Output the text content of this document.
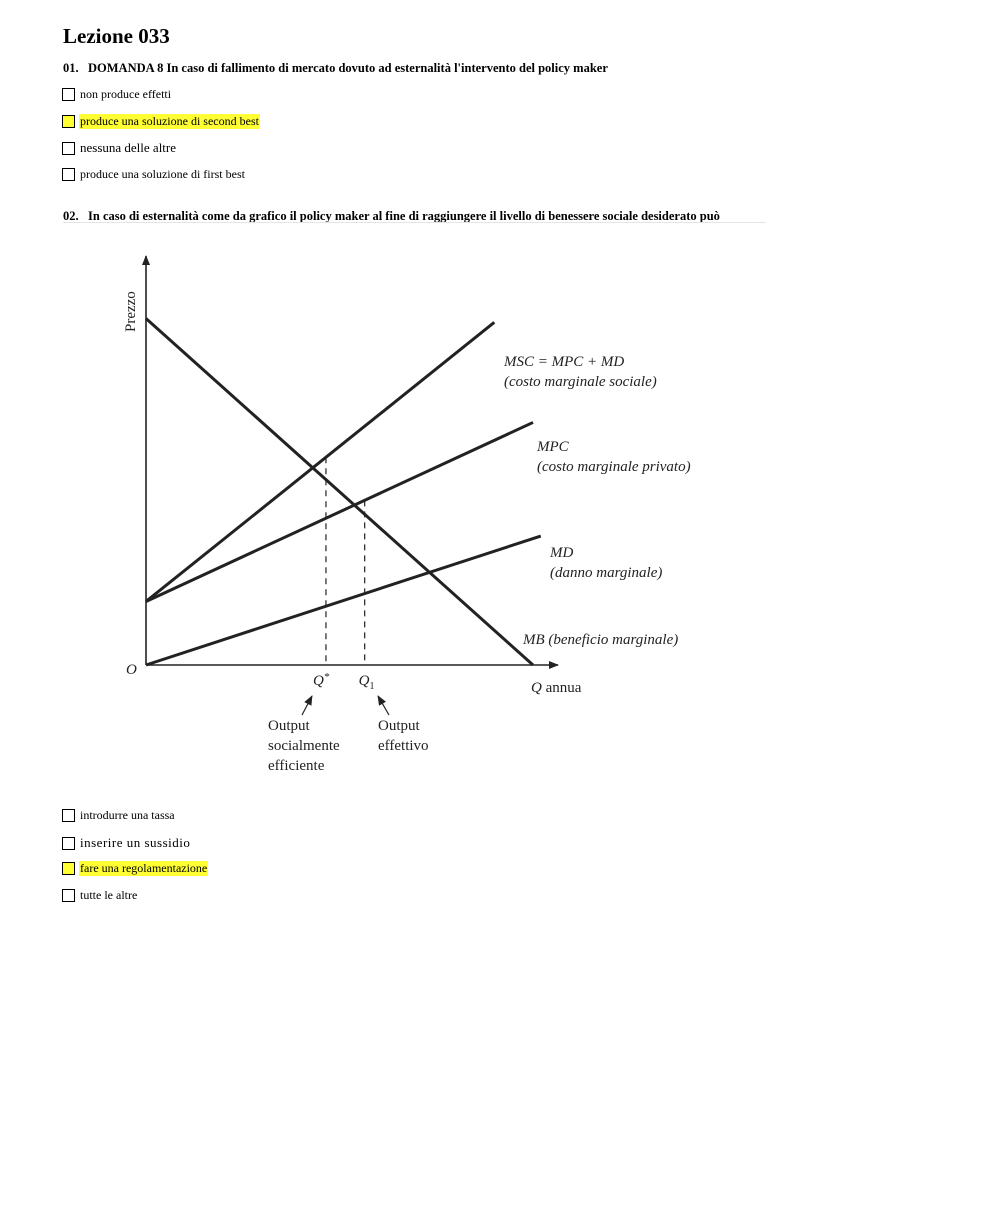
Lezione 033
01. DOMANDA 8 In caso di fallimento di mercato dovuto ad esternalità l'intervento del policy maker
non produce effetti
produce una soluzione di second best
nessuna delle altre
produce una soluzione di first best
02. In caso di esternalità come da grafico il policy maker al fine di raggiungere il livello di benessere sociale desiderato può
MSC = MPC + MD
(costo marginale sociale)
MPC
(costo marginale privato)
MD
(danno marginale)
MB (beneficio marginale)
Prezzo
Q annua
O
Q* $Q_1$
Output
socialmente
efficiente
Output
effettivo
introdurre una tassa
inserire un sussidio
fare una regolamentazione
tutte le altre
